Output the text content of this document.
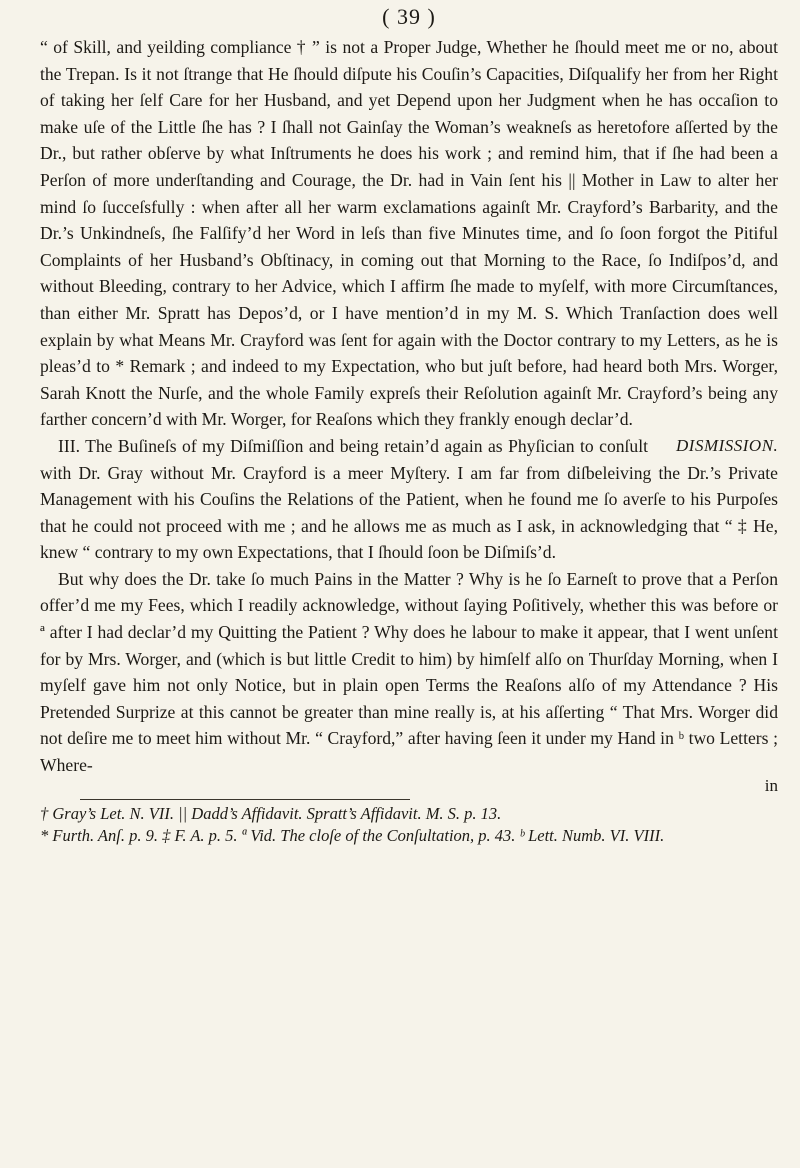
( 39 )

“ of Skill, and yeilding compliance † ” is not a Proper Judge, Whether he ſhould meet me or no, about the Trepan. Is it not ſtrange that He ſhould diſpute his Couſin’s Capacities, Diſqualify her from her Right of taking her ſelf Care for her Husband, and yet Depend upon her Judgment when he has occaſion to make uſe of the Little ſhe has ? I ſhall not Gainſay the Woman’s weakneſs as heretofore aſſerted by the Dr., but rather obſerve by what Inſtruments he does his work ; and remind him, that if ſhe had been a Perſon of more underſtanding and Courage, the Dr. had in Vain ſent his || Mother in Law to alter her mind ſo ſucceſsfully : when after all her warm exclamations againſt Mr. Crayford’s Barbarity, and the Dr.’s Unkindneſs, ſhe Falſify’d her Word in leſs than five Minutes time, and ſo ſoon forgot the Pitiful Complaints of her Husband’s Obſtinacy, in coming out that Morning to the Race, ſo Indiſpos’d, and without Bleeding, contrary to her Advice, which I affirm ſhe made to myſelf, with more Circumſtances, than either Mr. Spratt has Depos’d, or I have mention’d in my M. S. Which Tranſaction does well explain by what Means Mr. Crayford was ſent for again with the Doctor contrary to my Letters, as he is pleas’d to * Remark ; and indeed to my Expectation, who but juſt before, had heard both Mrs. Worger, Sarah Knott the Nurſe, and the whole Family expreſs their Reſolution againſt Mr. Crayford’s being any farther concern’d with Mr. Worger, for Reaſons which they frankly enough declar’d.

DISMISSION.
III. The Buſineſs of my Diſmiſſion and being retain’d again as Phyſician to conſult with Dr. Gray without Mr. Crayford is a meer Myſtery. I am far from diſbeleiving the Dr.’s Private Management with his Couſins the Relations of the Patient, when he found me ſo averſe to his Purpoſes that he could not proceed with me ; and he allows me as much as I ask, in acknowledging that “ ‡ He, knew “ contrary to my own Expectations, that I ſhould ſoon be Diſmiſs’d.

But why does the Dr. take ſo much Pains in the Matter ? Why is he ſo Earneſt to prove that a Perſon offer’d me my Fees, which I readily acknowledge, without ſaying Poſitively, whether this was before or ª after I had declar’d my Quitting the Patient ? Why does he labour to make it appear, that I went unſent for by Mrs. Worger, and (which is but little Credit to him) by himſelf alſo on Thurſday Morning, when I myſelf gave him not only Notice, but in plain open Terms the Reaſons alſo of my Attendance ? His Pretended Surprize at this cannot be greater than mine really is, at his aſſerting “ That Mrs. Worger did not deſire me to meet him without Mr. “ Crayford,” after having ſeen it under my Hand in ᵇ two Letters ; Where-

in

† Gray’s Let. N. VII. || Dadd’s Affidavit. Spratt’s Affidavit. M. S. p. 13.

* Furth. Anſ. p. 9. ‡ F. A. p. 5. ª Vid. The cloſe of the Conſultation, p. 43. ᵇ Lett. Numb. VI. VIII.
